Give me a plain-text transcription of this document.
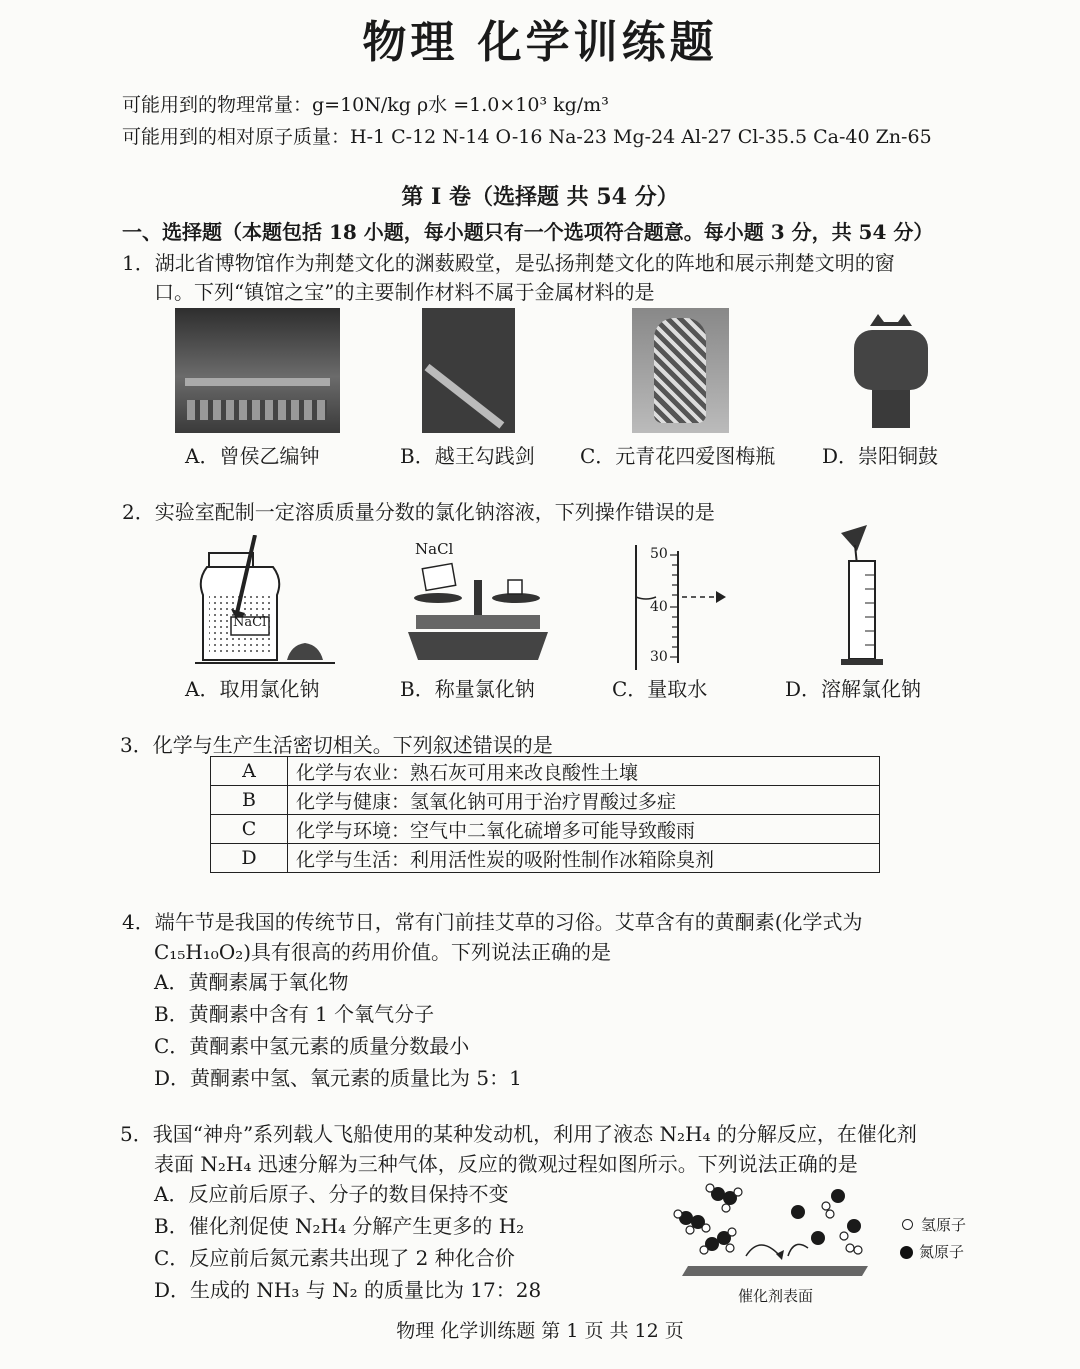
物理 化学训练题
可能用到的物理常量：g=10N/kg ρ水 =1.0×10³ kg/m³
可能用到的相对原子质量：H-1 C-12 N-14 O-16 Na-23 Mg-24 Al-27 Cl-35.5 Ca-40 Zn-65
第 I 卷（选择题 共 54 分）
一、选择题（本题包括 18 小题，每小题只有一个选项符合题意。每小题 3 分，共 54 分）
1．湖北省博物馆作为荆楚文化的渊薮殿堂，是弘扬荆楚文化的阵地和展示荆楚文明的窗
口。下列“镇馆之宝”的主要制作材料不属于金属材料的是
A．曾侯乙编钟	B．越王勾践剑 C．元青花四爱图梅瓶 D．崇阳铜鼓
2．实验室配制一定溶质质量分数的氯化钠溶液，下列操作错误的是
NaCl
NaCl	50
40
30
A．取用氯化钠	B．称量氯化钠	C．量取水	D．溶解氯化钠
3．化学与生产生活密切相关。下列叙述错误的是
A	化学与农业：熟石灰可用来改良酸性土壤
B	化学与健康：氢氧化钠可用于治疗胃酸过多症
C	化学与环境：空气中二氧化硫增多可能导致酸雨
D	化学与生活：利用活性炭的吸附性制作冰箱除臭剂
4．端午节是我国的传统节日，常有门前挂艾草的习俗。艾草含有的黄酮素(化学式为
C₁₅H₁₀O₂)具有很高的药用价值。下列说法正确的是
A．黄酮素属于氧化物
B．黄酮素中含有 1 个氧气分子
C．黄酮素中氢元素的质量分数最小
D．黄酮素中氢、氧元素的质量比为 5：1
5．我国“神舟”系列载人飞船使用的某种发动机，利用了液态 N₂H₄ 的分解反应，在催化剂
表面 N₂H₄ 迅速分解为三种气体，反应的微观过程如图所示。下列说法正确的是
A．反应前后原子、分子的数目保持不变
B．催化剂促使 N₂H₄ 分解产生更多的 H₂
C．反应前后氮元素共出现了 2 种化合价
D．生成的 NH₃ 与 N₂ 的质量比为 17：28	催化剂表面
氢原子
氮原子
物理 化学训练题 第 1 页 共 12 页
